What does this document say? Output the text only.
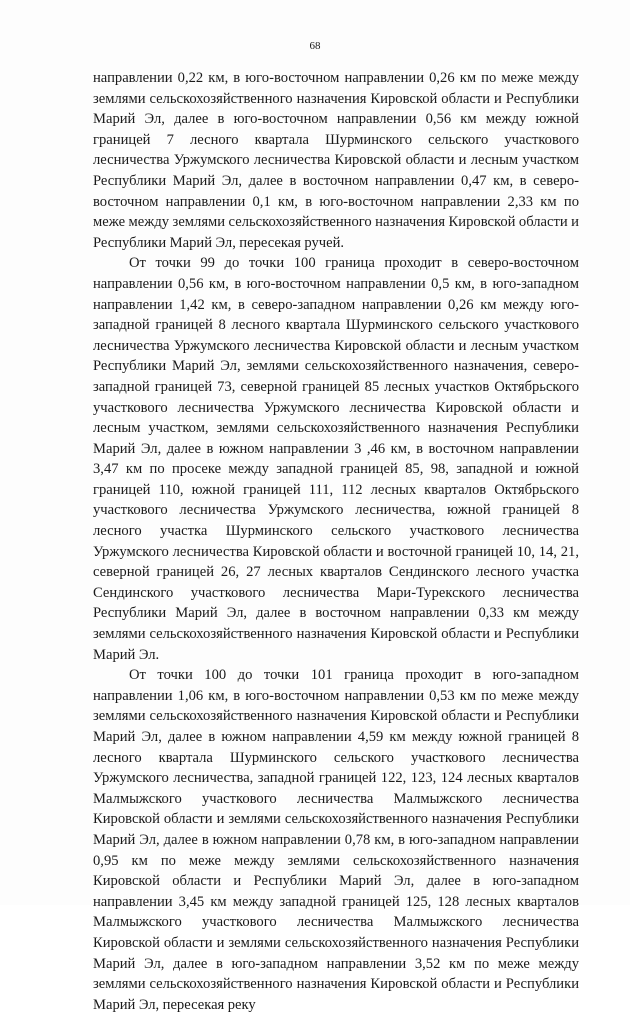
68

направлении 0,22 км, в юго-восточном направлении 0,26 км по меже между землями сельскохозяйственного назначения Кировской области и Республики Марий Эл, далее в юго-восточном направлении 0,56 км между южной границей 7 лесного квартала Шурминского сельского участкового лесничества Уржумского лесничества Кировской области и лесным участком Республики Марий Эл, далее в восточном направлении 0,47 км, в северо-восточном направлении 0,1 км, в юго-восточном направлении 2,33 км по меже между землями сельскохозяйственного назначения Кировской области и Республики Марий Эл, пересекая ручей.

От точки 99 до точки 100 граница проходит в северо-восточном направлении 0,56 км, в юго-восточном направлении 0,5 км, в юго-западном направлении 1,42 км, в северо-западном направлении 0,26 км между юго-западной границей 8 лесного квартала Шурминского сельского участкового лесничества Уржумского лесничества Кировской области и лесным участком Республики Марий Эл, землями сельскохозяйственного назначения, северо-западной границей 73, северной границей 85 лесных участков Октябрьского участкового лесничества Уржумского лесничества Кировской области и лесным участком, землями сельскохозяйственного назначения Республики Марий Эл, далее в южном направлении 3 ,46 км, в восточном направлении 3,47 км по просеке между западной границей 85, 98, западной и южной границей 110, южной границей 111, 112 лесных кварталов Октябрьского участкового лесничества Уржумского лесничества, южной границей 8 лесного участка Шурминского сельского участкового лесничества Уржумского лесничества Кировской области и восточной границей 10, 14, 21, северной границей 26, 27 лесных кварталов Сендинского лесного участка Сендинского участкового лесничества Мари-Турекского лесничества Республики Марий Эл, далее в восточном направлении 0,33 км между землями сельскохозяйственного назначения Кировской области и Республики Марий Эл.

От точки 100 до точки 101 граница проходит в юго-западном направлении 1,06 км, в юго-восточном направлении 0,53 км по меже между землями сельскохозяйственного назначения Кировской области и Республики Марий Эл, далее в южном направлении 4,59 км между южной границей 8 лесного квартала Шурминского сельского участкового лесничества Уржумского лесничества, западной границей 122, 123, 124 лесных кварталов Малмыжского участкового лесничества Малмыжского лесничества Кировской области и землями сельскохозяйственного назначения Республики Марий Эл, далее в южном направлении 0,78 км, в юго-западном направлении 0,95 км по меже между землями сельскохозяйственного назначения Кировской области и Республики Марий Эл, далее в юго-западном направлении 3,45 км между западной границей 125, 128 лесных кварталов Малмыжского участкового лесничества Малмыжского лесничества Кировской области и землями сельскохозяйственного назначения Республики Марий Эл, далее в юго-западном направлении 3,52 км по меже между землями сельскохозяйственного назначения Кировской области и Республики Марий Эл, пересекая реку
